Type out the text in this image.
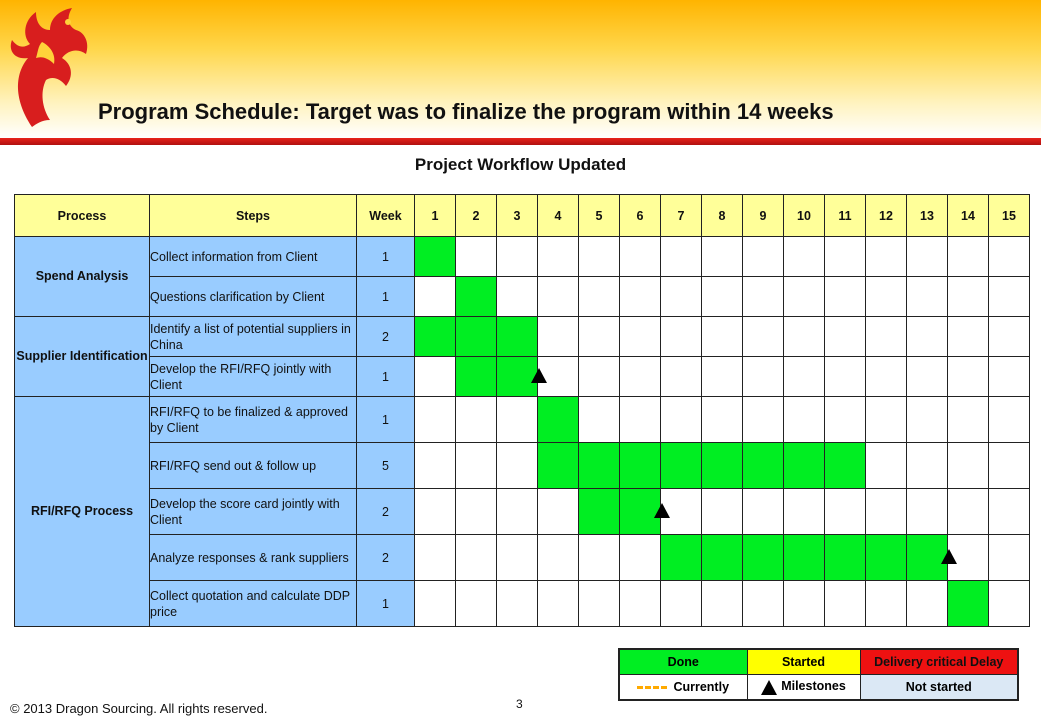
Program Schedule: Target was to finalize the program within 14 weeks
Project Workflow Updated
Process	Steps	Week	1	2	3	4	5	6	7	8	9	10	11	12	13	14	15
Spend Analysis	Collect information from Client	1															
	Questions clarification by Client	1															
Supplier Identification	Identify a list of potential suppliers in China	2															
	Develop the RFI/RFQ jointly with Client	1			

RFI/RFQ Process	RFI/RFQ to be finalized & approved by Client	1															
	RFI/RFQ send out & follow up	5															
	Develop the score card jointly with Client	2						

	Analyze responses & rank suppliers	2													

	Collect quotation and calculate DDP price	1															
Done	Started	Delivery critical Delay
Currently	Milestones	Not started
© 2013 Dragon Sourcing. All rights reserved.	3
